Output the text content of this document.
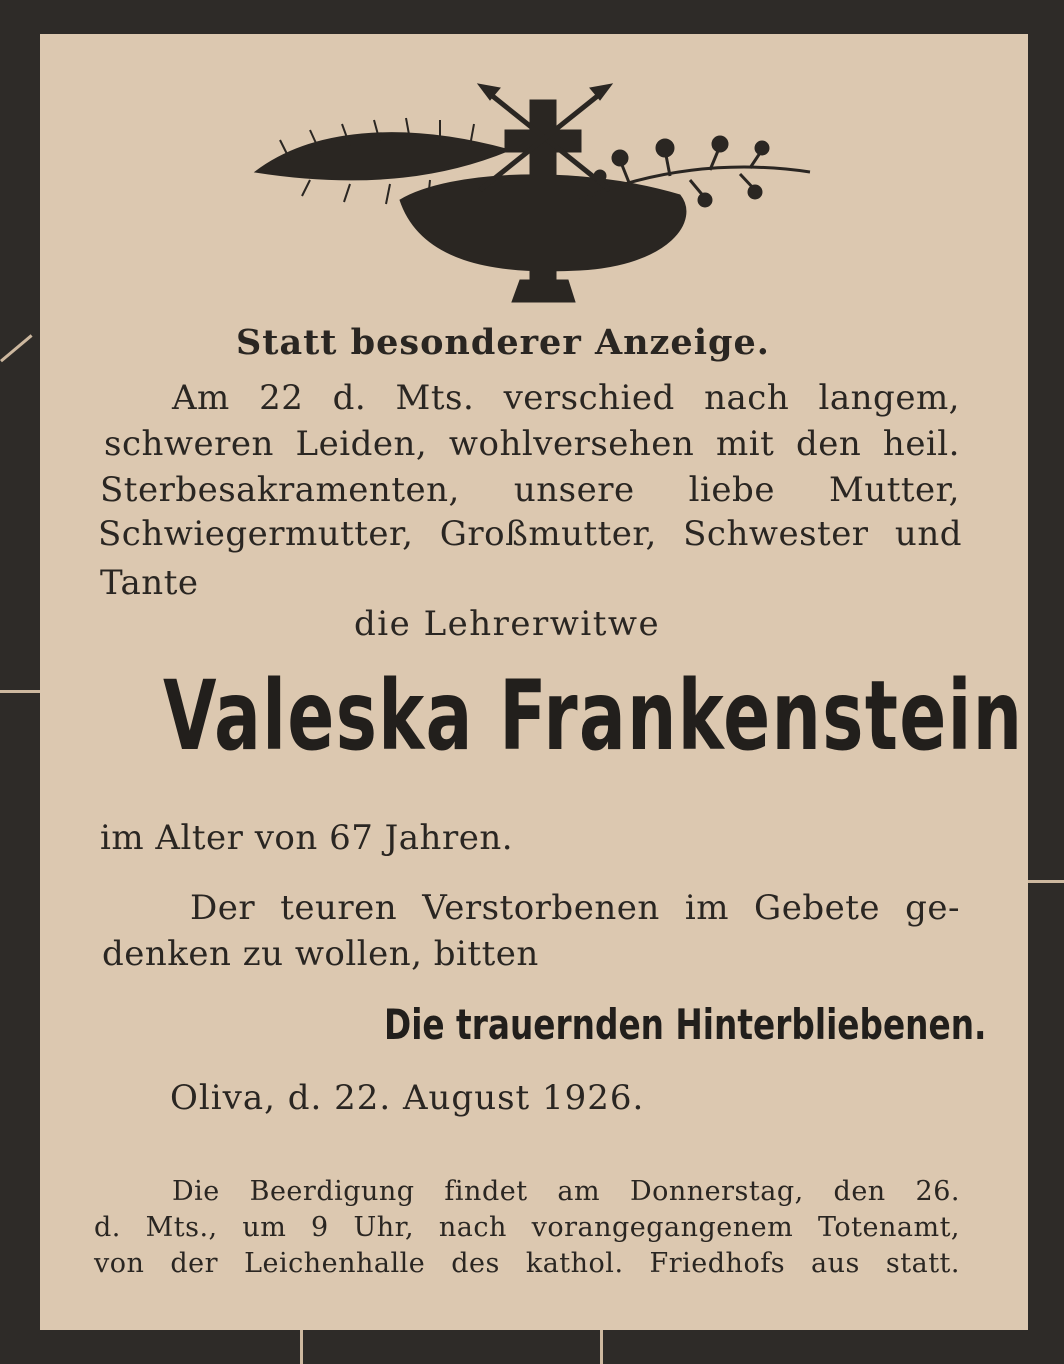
Statt besonderer Anzeige.
Am 22 d. Mts. verschied nach langem,
schweren Leiden, wohlversehen mit den heil.
Sterbesakramenten, unsere liebe Mutter,
Schwiegermutter, Großmutter, Schwester und
Tante
die Lehrerwitwe
Valeska Frankenstein
im Alter von 67 Jahren.
Der teuren Verstorbenen im Gebete ge-
denken zu wollen, bitten
Die trauernden Hinterbliebenen.
Oliva, d. 22. August 1926.
Die Beerdigung findet am Donnerstag, den 26.
d. Mts., um 9 Uhr, nach vorangegangenem Totenamt,
von der Leichenhalle des kathol. Friedhofs aus statt.
